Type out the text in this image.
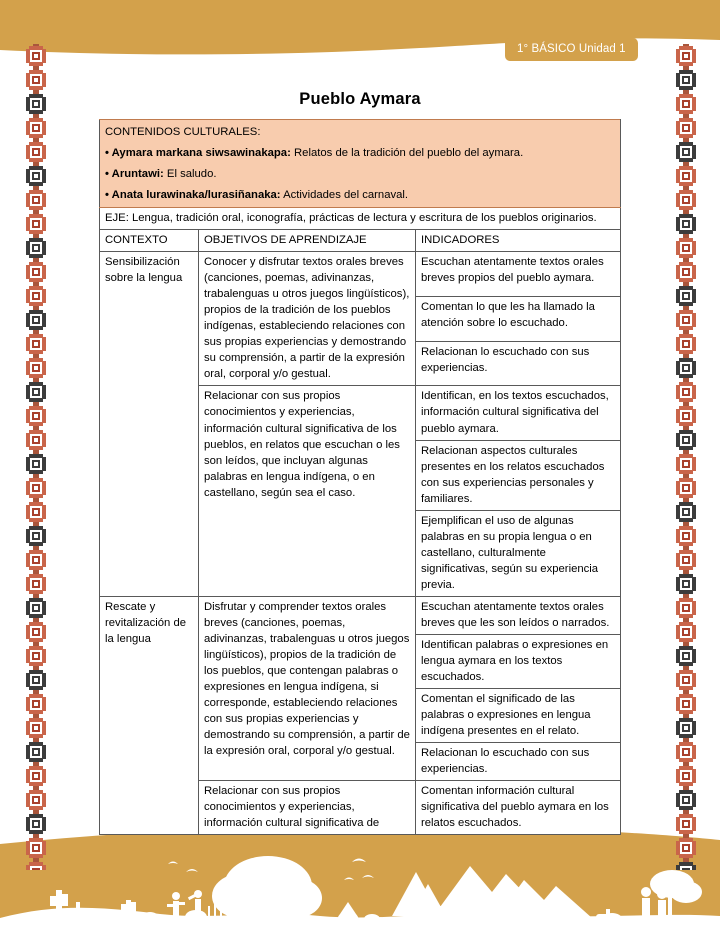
1° BÁSICO Unidad 1
Pueblo Aymara
CONTENIDOS CULTURALES:		
• Aymara markana siwsawinakapa: Relatos de la tradición del pueblo del aymara.		
• Aruntawi: El saludo.		
• Anata lurawinaka/lurasiñanaka: Actividades del carnaval.		
EJE: Lengua, tradición oral, iconografía, prácticas de lectura y escritura de los pueblos originarios.		
CONTEXTO	OBJETIVOS DE APRENDIZAJE	INDICADORES
Sensibilización sobre la lengua	Conocer y disfrutar textos orales breves (canciones, poemas, adivinanzas, trabalenguas u otros juegos lingüísticos), propios de la tradición de los pueblos indígenas, estableciendo relaciones con sus propias experiencias y demostrando su comprensión, a partir de la expresión oral, corporal y/o gestual.	Escuchan atentamente textos orales breves propios del pueblo aymara.
		Comentan lo que les ha llamado la atención sobre lo escuchado.
		Relacionan lo escuchado con sus experiencias.
	Relacionar con sus propios conocimientos y experiencias, información cultural significativa de los pueblos, en relatos que escuchan o les son leídos, que incluyan algunas palabras en lengua indígena, o en castellano, según sea el caso.	Identifican, en los textos escuchados, información cultural significativa del pueblo aymara.
		Relacionan aspectos culturales presentes en los relatos escuchados con sus experiencias personales y familiares.
		Ejemplifican el uso de algunas palabras en su propia lengua o en castellano, culturalmente significativas, según su experiencia previa.
Rescate y revitalización de la lengua	Disfrutar y comprender textos orales breves (canciones, poemas, adivinanzas, trabalenguas u otros juegos lingüísticos), propios de la tradición de los pueblos, que contengan palabras o expresiones en lengua indígena, si corresponde, estableciendo relaciones con sus propias experiencias y demostrando su comprensión, a partir de la expresión oral, corporal y/o gestual.	Escuchan atentamente textos orales breves que les son leídos o narrados.
		Identifican palabras o expresiones en lengua aymara en los textos escuchados.
		Comentan el significado de las palabras o expresiones en lengua indígena presentes en el relato.
		Relacionan lo escuchado con sus experiencias.
	Relacionar con sus propios conocimientos y experiencias, información cultural significativa de	Comentan información cultural significativa del pueblo aymara en los relatos escuchados.
